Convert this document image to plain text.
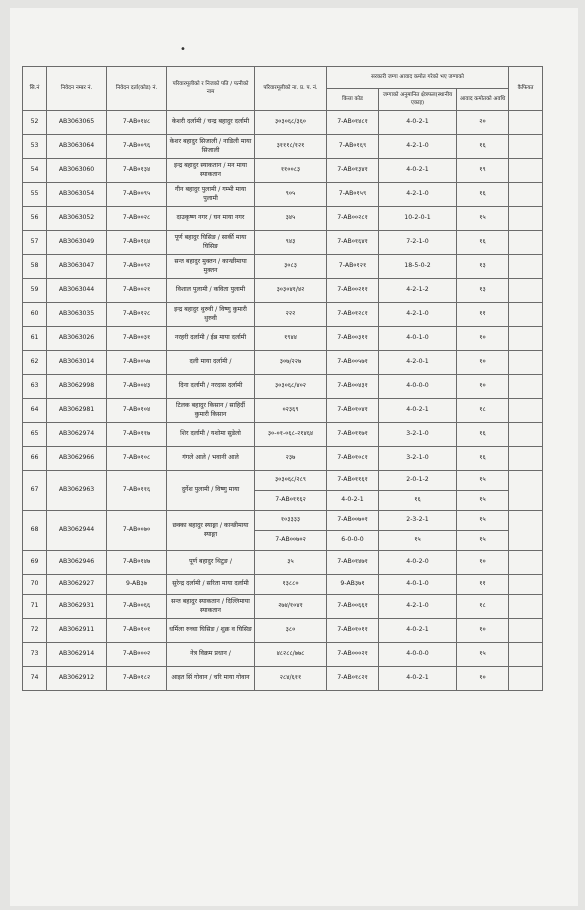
•
सि.नं	निवेदन नम्बर नं.	निवेदन दर्ता(कोड) नं.	परिवारमूलीको र निजको पति / पत्नीको नाम	परिवारमूलीको ना. प्र. प. नं.	सरकारी जग्गा आवाद कमोत गरेको भए जग्गाको			कैफियत
					कित्ता कोड	जग्गाको अनुमानित क्षेत्रफल(स्थानीय एकाइ)	आवाद कमोतको अवधि	
52	AB3063065	7-AB०१४८	केशरी दर्लामी / चन्द्र बहादुर दर्लामी	३०३०६८/३६०	7-AB०१४८१	4-0-2-1	२०	
53	AB3063064	7-AB००९६	केशर बहादुर सिजाली / नाडिली माया सिजाली	३१११८/१२१	7-AB०१६९	4-2-1-0	१६	
54	AB3063060	7-AB०१३४	इन्द्र बहादुर स्याकतान / मन माया स्याकतान	११००८३	7-AB०१३४१	4-0-2-1	१९	
55	AB3063054	7-AB००९५	गीन बहादुर पुलामी / गम्भी माया पुलामी	९०५	7-AB०१५९	4-2-1-0	१६	
56	AB3063052	7-AB००२८	दाउकृष्ण नगर / घन माया नगर	३४५	7-AB००२८१	10-2-0-1	१५	
57	AB3063049	7-AB०१६४	पूर्ण बहादुर घिसिङ / सार्की माया घिसिङ	९४३	7-AB०१६४१	7-2-1-0	१६	
58	AB3063047	7-AB००९२	सन्त बहादुर मुक्तन / कान्छीमाया मुक्तन	३०८३	7-AB०१२१	18-5-0-2	१३	
59	AB3063044	7-AB००२१	विशाल पुलामी / कविता पुलामी	३०३०४१/४२	7-AB००२११	4-2-1-2	१३	
60	AB3063035	7-AB०१२८	इन्द्र बहादुर थुरुवी / विष्णु कुमारी थुरुवी	२२२	7-AB०१२८१	4-2-1-0	११	
61	AB3063026	7-AB००३१	नरहरी दर्लामी / ईन्न माया दर्लामी	१९४४	7-AB००३११	4-0-1-0	१०	
62	AB3063014	7-AB००५७	दली माया दर्लामी /	३०७/२२७	7-AB००५७१	4-2-0-1	१०	
63	AB3062998	7-AB००४३	दिना दर्लामी / नरदास दर्लामी	३०३०६८/४०२	7-AB००४३१	4-0-0-0	१०	
64	AB3062981	7-AB०१०४	टिलक बहादुर किसान / साहिर्दी कुमारी किसान	०२३६९	7-AB०१०४१	4-0-2-1	१८	
65	AB3062974	7-AB०११७	शिर दर्लामी / यशोमा सुडेलो	३०-०१-०६८-२१४६४	7-AB०११७१	3-2-1-0	१६	
66	AB3062966	7-AB०१०८	गंगले आले / भवानी आले	२३७	7-AB०१०८१	3-2-1-0	१६	
67	AB3062963	7-AB०११६	दुर्गेश पुलामी / विष्णु माया	३०३०६८/२८९	7-AB०११६१	2-0-1-2	१५	
				7-AB०११६२	4-0-2-1	१६	१५	
68	AB3062944	7-AB००७०	छक्का बहादुर स्याङ्गा / कान्छीमाया स्याङ्गा	१०३३३३	7-AB००७०१	2-3-2-1	१५	
				7-AB००७०२	6-0-0-0	१५	१५	
69	AB3062946	7-AB०१४७	पूर्ण बहादुर थिटुङ /	३५	7-AB०१४७१	4-0-2-0	१०	
70	AB3062927	9-AB३७	सुरेन्द्र दर्लामी / सरिता माया दर्लामी	१३८८०	9-AB३७१	4-0-1-0	११	
71	AB3062931	7-AB००६६	सन्त बहादुर स्याकतान / दिल्लिमाया स्याकतान	२७४/१०४१	7-AB००६६१	4-2-1-0	१८	
72	AB3062911	7-AB०१०१	धर्मिला रुच्चा घिसिङ / शुक्र व घिसिङ	३८०	7-AB०१०११	4-0-2-1	१०	
73	AB3062914	7-AB०००२	नेत्र विक्रम प्रधान /	४८२८८/७७८	7-AB०००२१	4-0-0-0	१५	
74	AB3062912	7-AB०१८२	आइत सिं गोवान / चरि माया गोवान	२८४/६११	7-AB०१८२१	4-0-2-1	१०	
